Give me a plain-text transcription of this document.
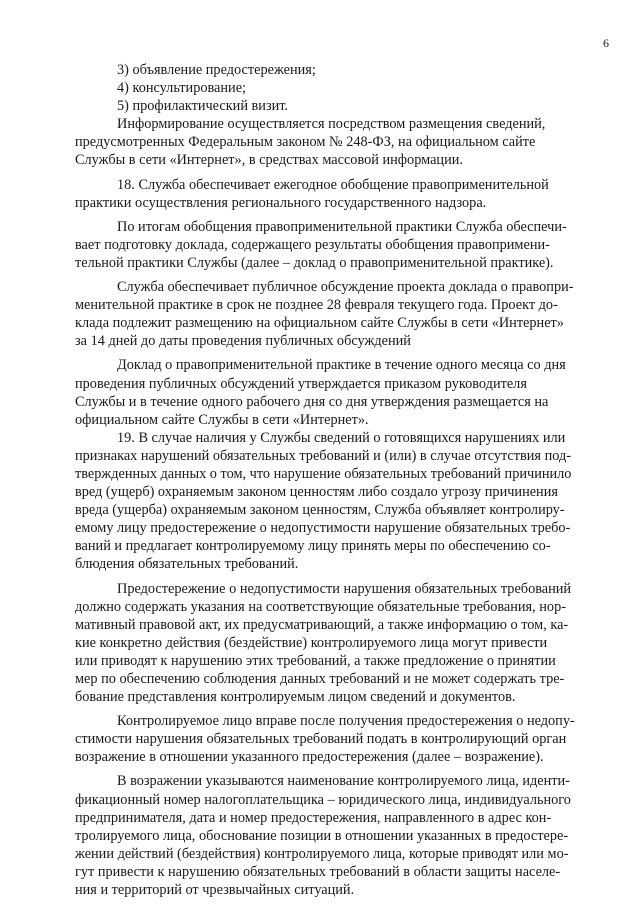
6

3) объявление предостережения;

4) консультирование;

5) профилактический визит.

Информирование осуществляется посредством размещения сведений,
предусмотренных Федеральным законом № 248-ФЗ, на официальном сайте
Службы в сети «Интернет», в средствах массовой информации.

18. Служба обеспечивает ежегодное обобщение правоприменительной
практики осуществления регионального государственного надзора.

По итогам обобщения правоприменительной практики Служба обеспечи-
вает подготовку доклада, содержащего результаты обобщения правопримени-
тельной практики Службы (далее – доклад о правоприменительной практике).

Служба обеспечивает публичное обсуждение проекта доклада о правопри-
менительной практике в срок не позднее 28 февраля текущего года. Проект до-
клада подлежит размещению на официальном сайте Службы в сети «Интернет»
за 14 дней до даты проведения публичных обсуждений

Доклад о правоприменительной практике в течение одного месяца со дня
проведения публичных обсуждений утверждается приказом руководителя
Службы и в течение одного рабочего дня со дня утверждения размещается на
официальном сайте Службы в сети «Интернет».

19. В случае наличия у Службы сведений о готовящихся нарушениях или
признаках нарушений обязательных требований и (или) в случае отсутствия под-
твержденных данных о том, что нарушение обязательных требований причинило
вред (ущерб) охраняемым законом ценностям либо создало угрозу причинения
вреда (ущерба) охраняемым законом ценностям, Служба объявляет контролиру-
емому лицу предостережение о недопустимости нарушение обязательных требо-
ваний и предлагает контролируемому лицу принять меры по обеспечению со-
блюдения обязательных требований.

Предостережение о недопустимости нарушения обязательных требований
должно содержать указания на соответствующие обязательные требования, нор-
мативный правовой акт, их предусматривающий, а также информацию о том, ка-
кие конкретно действия (бездействие) контролируемого лица могут привести
или приводят к нарушению этих требований, а также предложение о принятии
мер по обеспечению соблюдения данных требований и не может содержать тре-
бование представления контролируемым лицом сведений и документов.

Контролируемое лицо вправе после получения предостережения о недопу-
стимости нарушения обязательных требований подать в контролирующий орган
возражение в отношении указанного предостережения (далее – возражение).

В возражении указываются наименование контролируемого лица, иденти-
фикационный номер налогоплательщика – юридического лица, индивидуального
предпринимателя, дата и номер предостережения, направленного в адрес кон-
тролируемого лица, обоснование позиции в отношении указанных в предостере-
жении действий (бездействия) контролируемого лица, которые приводят или мо-
гут привести к нарушению обязательных требований в области защиты населе-
ния и территорий от чрезвычайных ситуаций.
